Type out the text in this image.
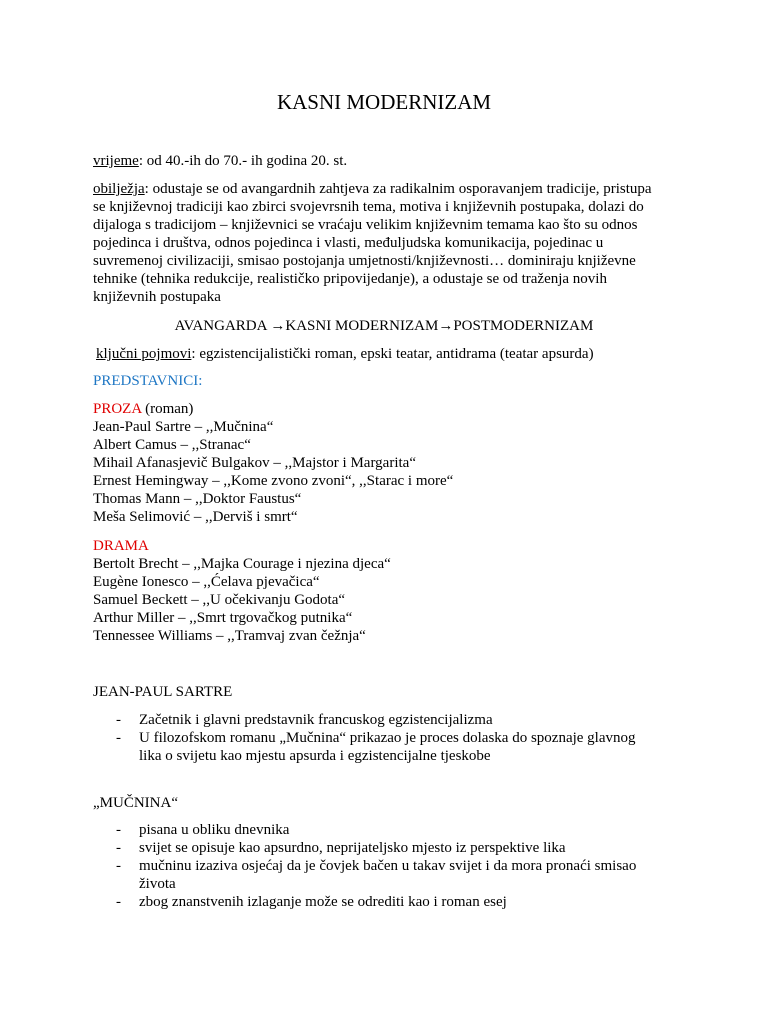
KASNI MODERNIZAM
vrijeme: od 40.-ih do 70.- ih godina 20. st.
obilježja: odustaje se od avangardnih zahtjeva za radikalnim osporavanjem tradicije, pristupa
se književnoj tradiciji kao zbirci svojevrsnih tema, motiva i književnih postupaka, dolazi do
dijaloga s tradicijom – književnici se vraćaju velikim književnim temama kao što su odnos
pojedinca i društva, odnos pojedinca i vlasti, međuljudska komunikacija, pojedinac u
suvremenoj civilizaciji, smisao postojanja umjetnosti/književnosti… dominiraju književne
tehnike (tehnika redukcije, realističko pripovijedanje), a odustaje se od traženja novih
književnih postupaka
AVANGARDA →KASNI MODERNIZAM→POSTMODERNIZAM
ključni pojmovi: egzistencijalistički roman, epski teatar, antidrama (teatar apsurda)
PREDSTAVNICI:
PROZA (roman)
Jean-Paul Sartre – ,,Mučnina“
Albert Camus – ,,Stranac“
Mihail Afanasjevič Bulgakov – ,,Majstor i Margarita“
Ernest Hemingway – ,,Kome zvono zvoni“, ,,Starac i more“
Thomas Mann – ,,Doktor Faustus“
Meša Selimović – ,,Derviš i smrt“
DRAMA
Bertolt Brecht – ,,Majka Courage i njezina djeca“
Eugène Ionesco – ,,Ćelava pjevačica“
Samuel Beckett – ,,U očekivanju Godota“
Arthur Miller – ,,Smrt trgovačkog putnika“
Tennessee Williams – ,,Tramvaj zvan čežnja“
JEAN-PAUL SARTRE
- Začetnik i glavni predstavnik francuskog egzistencijalizma
- U filozofskom romanu „Mučnina“ prikazao je proces dolaska do spoznaje glavnog
lika o svijetu kao mjestu apsurda i egzistencijalne tjeskobe
„MUČNINA“
- pisana u obliku dnevnika
- svijet se opisuje kao apsurdno, neprijateljsko mjesto iz perspektive lika
- mučninu izaziva osjećaj da je čovjek bačen u takav svijet i da mora pronaći smisao
života
- zbog znanstvenih izlaganje može se odrediti kao i roman esej
